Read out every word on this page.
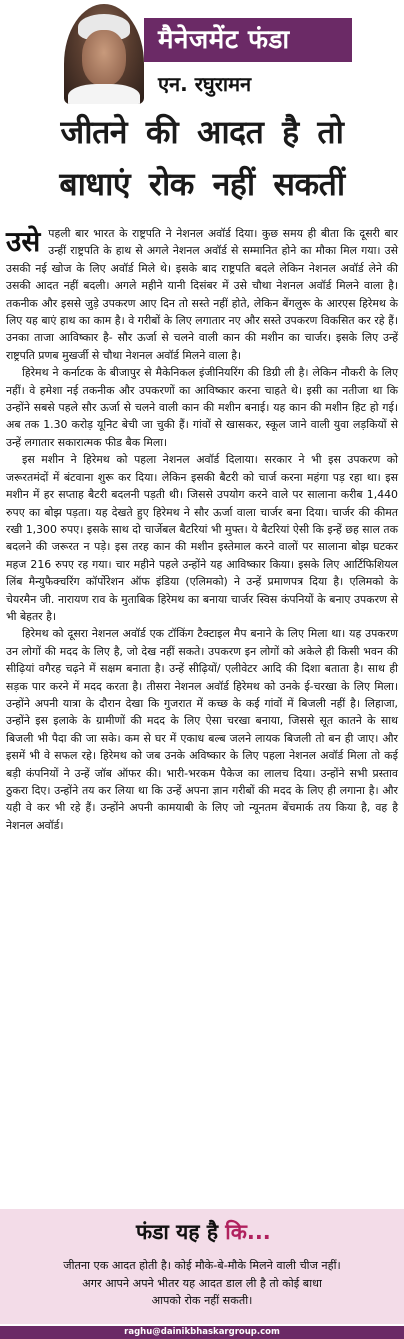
मैनेजमेंट फंडा
एन. रघुरामन
जीतने की आदत है तो
बाधाएं रोक नहीं सकतीं

उसे पहली बार भारत के राष्ट्रपति ने नेशनल अवॉर्ड दिया। कुछ समय ही बीता कि दूसरी बार उन्हीं राष्ट्रपति के हाथ से अगले नेशनल अवॉर्ड से सम्मानित होने का मौका मिल गया। उसे उसकी नई खोज के लिए अवॉर्ड मिले थे। इसके बाद राष्ट्रपति बदले लेकिन नेशनल अवॉर्ड लेने की उसकी आदत नहीं बदली। अगले महीने यानी दिसंबर में उसे चौथा नेशनल अवॉर्ड मिलने वाला है। तकनीक और इससे जुड़े उपकरण आए दिन तो सस्ते नहीं होते, लेकिन बेंगलुरू के आरएस हिरेमथ के लिए यह बाएं हाथ का काम है। वे गरीबों के लिए लगातार नए और सस्ते उपकरण विकसित कर रहे हैं। उनका ताजा आविष्कार है- सौर ऊर्जा से चलने वाली कान की मशीन का चार्जर। इसके लिए उन्हें राष्ट्रपति प्रणब मुखर्जी से चौथा नेशनल अवॉर्ड मिलने वाला है।

हिरेमथ ने कर्नाटक के बीजापुर से मैकेनिकल इंजीनियरिंग की डिग्री ली है। लेकिन नौकरी के लिए नहीं। वे हमेशा नई तकनीक और उपकरणों का आविष्कार करना चाहते थे। इसी का नतीजा था कि उन्होंने सबसे पहले सौर ऊर्जा से चलने वाली कान की मशीन बनाई। यह कान की मशीन हिट हो गई। अब तक 1.30 करोड़ यूनिट बेची जा चुकी हैं। गांवों से खासकर, स्कूल जाने वाली युवा लड़कियों से उन्हें लगातार सकारात्मक फीड बैक मिला।

इस मशीन ने हिरेमथ को पहला नेशनल अवॉर्ड दिलाया। सरकार ने भी इस उपकरण को जरूरतमंदों में बंटवाना शुरू कर दिया। लेकिन इसकी बैटरी को चार्ज करना महंगा पड़ रहा था। इस मशीन में हर सप्ताह बैटरी बदलनी पड़ती थी। जिससे उपयोग करने वाले पर सालाना करीब 1,440 रुपए का बोझ पड़ता। यह देखते हुए हिरेमथ ने सौर ऊर्जा वाला चार्जर बना दिया। चार्जर की कीमत रखी 1,300 रुपए। इसके साथ दो चार्जेबल बैटरियां भी मुफ्त। ये बैटरियां ऐसी कि इन्हें छह साल तक बदलने की जरूरत न पड़े। इस तरह कान की मशीन इस्तेमाल करने वालों पर सालाना बोझ घटकर महज 216 रुपए रह गया। चार महीने पहले उन्होंने यह आविष्कार किया। इसके लिए आर्टिफिशियल लिंब मैन्युफैक्चरिंग कॉर्पोरेशन ऑफ इंडिया (एलिमको) ने उन्हें प्रमाणपत्र दिया है। एलिमको के चेयरमैन जी. नारायण राव के मुताबिक हिरेमथ का बनाया चार्जर स्विस कंपनियों के बनाए उपकरण से भी बेहतर है।

हिरेमथ को दूसरा नेशनल अवॉर्ड एक टॉकिंग टैक्टाइल मैप बनाने के लिए मिला था। यह उपकरण उन लोगों की मदद के लिए है, जो देख नहीं सकते। उपकरण इन लोगों को अकेले ही किसी भवन की सीढ़ियां वगैरह चढ़ने में सक्षम बनाता है। उन्हें सीढ़ियों/ एलीवेटर आदि की दिशा बताता है। साथ ही सड़क पार करने में मदद करता है। तीसरा नेशनल अवॉर्ड हिरेमथ को उनके ई-चरखा के लिए मिला। उन्होंने अपनी यात्रा के दौरान देखा कि गुजरात में कच्छ के कई गांवों में बिजली नहीं है। लिहाजा, उन्होंने इस इलाके के ग्रामीणों की मदद के लिए ऐसा चरखा बनाया, जिससे सूत कातने के साथ बिजली भी पैदा की जा सके। कम से घर में एकाध बल्ब जलने लायक बिजली तो बन ही जाए। और इसमें भी वे सफल रहे। हिरेमथ को जब उनके अविष्कार के लिए पहला नेशनल अवॉर्ड मिला तो कई बड़ी कंपनियों ने उन्हें जॉब ऑफर की। भारी-भरकम पैकेज का लालच दिया। उन्होंने सभी प्रस्ताव ठुकरा दिए। उन्होंने तय कर लिया था कि उन्हें अपना ज्ञान गरीबों की मदद के लिए ही लगाना है। और यही वे कर भी रहे हैं। उन्होंने अपनी कामयाबी के लिए जो न्यूनतम बेंचमार्क तय किया है, वह है नेशनल अवॉर्ड।

फंडा यह है कि...
जीतना एक आदत होती है। कोई मौके-बे-मौके मिलने वाली चीज नहीं।
अगर आपने अपने भीतर यह आदत डाल ली है तो कोई बाधा
आपको रोक नहीं सकती।
raghu@dainikbhaskargroup.com
